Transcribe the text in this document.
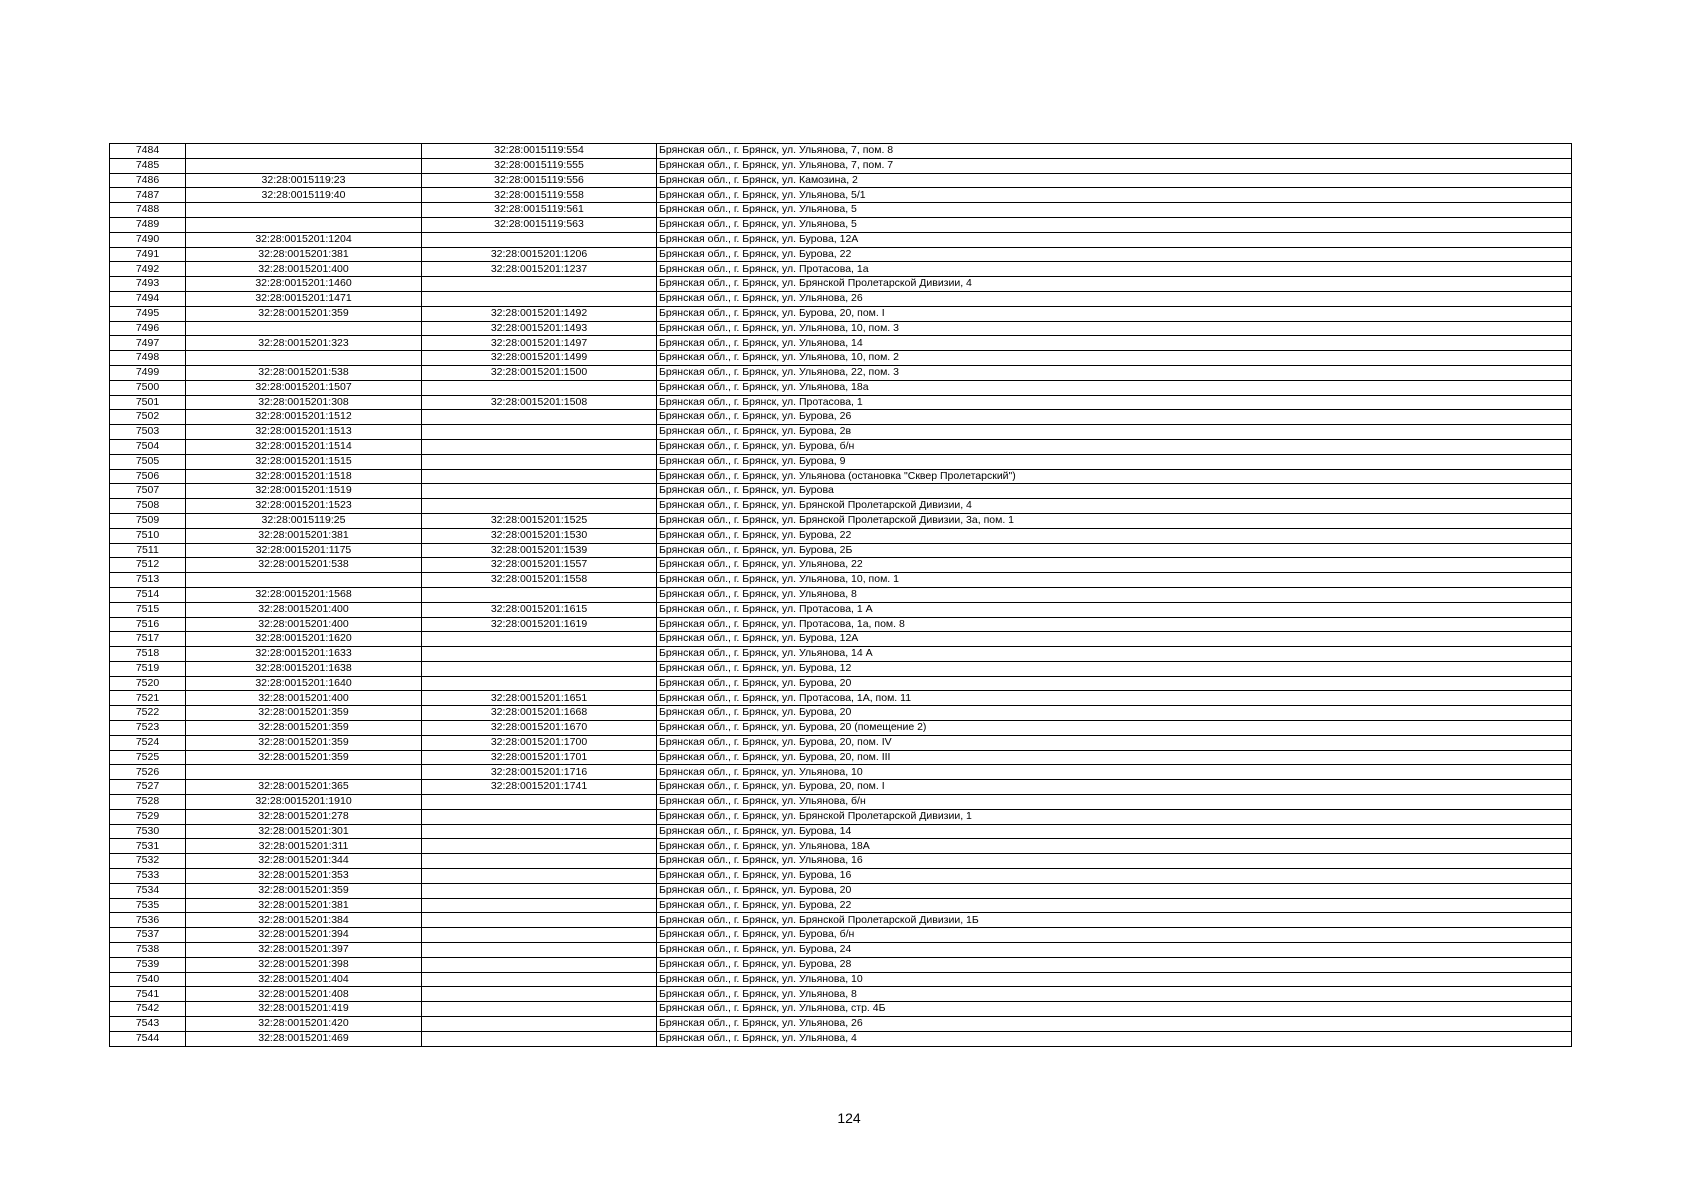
7484		32:28:0015119:554	Брянская обл., г. Брянск, ул. Ульянова, 7, пом. 8
7485		32:28:0015119:555	Брянская обл., г. Брянск, ул. Ульянова, 7, пом. 7
7486	32:28:0015119:23	32:28:0015119:556	Брянская обл., г. Брянск, ул. Камозина, 2
7487	32:28:0015119:40	32:28:0015119:558	Брянская обл., г. Брянск, ул. Ульянова, 5/1
7488		32:28:0015119:561	Брянская обл., г. Брянск, ул. Ульянова, 5
7489		32:28:0015119:563	Брянская обл., г. Брянск, ул. Ульянова, 5
7490	32:28:0015201:1204		Брянская обл., г. Брянск, ул. Бурова, 12А
7491	32:28:0015201:381	32:28:0015201:1206	Брянская обл., г. Брянск, ул. Бурова, 22
7492	32:28:0015201:400	32:28:0015201:1237	Брянская обл., г. Брянск, ул. Протасова, 1а
7493	32:28:0015201:1460		Брянская обл., г. Брянск, ул. Брянской Пролетарской Дивизии, 4
7494	32:28:0015201:1471		Брянская обл., г. Брянск, ул. Ульянова, 26
7495	32:28:0015201:359	32:28:0015201:1492	Брянская обл., г. Брянск, ул. Бурова, 20, пом. I
7496		32:28:0015201:1493	Брянская обл., г. Брянск, ул. Ульянова, 10, пом. 3
7497	32:28:0015201:323	32:28:0015201:1497	Брянская обл., г. Брянск, ул. Ульянова, 14
7498		32:28:0015201:1499	Брянская обл., г. Брянск, ул. Ульянова, 10, пом. 2
7499	32:28:0015201:538	32:28:0015201:1500	Брянская обл., г. Брянск, ул. Ульянова, 22, пом. 3
7500	32:28:0015201:1507		Брянская обл., г. Брянск, ул. Ульянова, 18а
7501	32:28:0015201:308	32:28:0015201:1508	Брянская обл., г. Брянск, ул. Протасова, 1
7502	32:28:0015201:1512		Брянская обл., г. Брянск, ул. Бурова, 26
7503	32:28:0015201:1513		Брянская обл., г. Брянск, ул. Бурова, 2в
7504	32:28:0015201:1514		Брянская обл., г. Брянск, ул. Бурова, б/н
7505	32:28:0015201:1515		Брянская обл., г. Брянск, ул. Бурова, 9
7506	32:28:0015201:1518		Брянская обл., г. Брянск, ул. Ульянова (остановка "Сквер Пролетарский")
7507	32:28:0015201:1519		Брянская обл., г. Брянск, ул. Бурова
7508	32:28:0015201:1523		Брянская обл., г. Брянск, ул. Брянской Пролетарской Дивизии, 4
7509	32:28:0015119:25	32:28:0015201:1525	Брянская обл., г. Брянск, ул. Брянской Пролетарской Дивизии, 3а, пом. 1
7510	32:28:0015201:381	32:28:0015201:1530	Брянская обл., г. Брянск, ул. Бурова, 22
7511	32:28:0015201:1175	32:28:0015201:1539	Брянская обл., г. Брянск, ул. Бурова, 2Б
7512	32:28:0015201:538	32:28:0015201:1557	Брянская обл., г. Брянск, ул. Ульянова, 22
7513		32:28:0015201:1558	Брянская обл., г. Брянск, ул. Ульянова, 10, пом. 1
7514	32:28:0015201:1568		Брянская обл., г. Брянск, ул. Ульянова, 8
7515	32:28:0015201:400	32:28:0015201:1615	Брянская обл., г. Брянск, ул. Протасова, 1 А
7516	32:28:0015201:400	32:28:0015201:1619	Брянская обл., г. Брянск, ул. Протасова, 1а, пом. 8
7517	32:28:0015201:1620		Брянская обл., г. Брянск, ул. Бурова, 12А
7518	32:28:0015201:1633		Брянская обл., г. Брянск, ул. Ульянова, 14 А
7519	32:28:0015201:1638		Брянская обл., г. Брянск, ул. Бурова, 12
7520	32:28:0015201:1640		Брянская обл., г. Брянск, ул. Бурова, 20
7521	32:28:0015201:400	32:28:0015201:1651	Брянская обл., г. Брянск, ул. Протасова, 1А, пом. 11
7522	32:28:0015201:359	32:28:0015201:1668	Брянская обл., г. Брянск, ул. Бурова, 20
7523	32:28:0015201:359	32:28:0015201:1670	Брянская обл., г. Брянск, ул. Бурова, 20 (помещение 2)
7524	32:28:0015201:359	32:28:0015201:1700	Брянская обл., г. Брянск, ул. Бурова, 20, пом. IV
7525	32:28:0015201:359	32:28:0015201:1701	Брянская обл., г. Брянск, ул. Бурова, 20, пом. III
7526		32:28:0015201:1716	Брянская обл., г. Брянск, ул. Ульянова, 10
7527	32:28:0015201:365	32:28:0015201:1741	Брянская обл., г. Брянск, ул. Бурова, 20, пом. I
7528	32:28:0015201:1910		Брянская обл., г. Брянск, ул. Ульянова, б/н
7529	32:28:0015201:278		Брянская обл., г. Брянск, ул. Брянской Пролетарской Дивизии, 1
7530	32:28:0015201:301		Брянская обл., г. Брянск, ул. Бурова, 14
7531	32:28:0015201:311		Брянская обл., г. Брянск, ул. Ульянова, 18А
7532	32:28:0015201:344		Брянская обл., г. Брянск, ул. Ульянова, 16
7533	32:28:0015201:353		Брянская обл., г. Брянск, ул. Бурова, 16
7534	32:28:0015201:359		Брянская обл., г. Брянск, ул. Бурова, 20
7535	32:28:0015201:381		Брянская обл., г. Брянск, ул. Бурова, 22
7536	32:28:0015201:384		Брянская обл., г. Брянск, ул. Брянской Пролетарской Дивизии, 1Б
7537	32:28:0015201:394		Брянская обл., г. Брянск, ул. Бурова, б/н
7538	32:28:0015201:397		Брянская обл., г. Брянск, ул. Бурова, 24
7539	32:28:0015201:398		Брянская обл., г. Брянск, ул. Бурова, 28
7540	32:28:0015201:404		Брянская обл., г. Брянск, ул. Ульянова, 10
7541	32:28:0015201:408		Брянская обл., г. Брянск, ул. Ульянова, 8
7542	32:28:0015201:419		Брянская обл., г. Брянск, ул. Ульянова, стр. 4Б
7543	32:28:0015201:420		Брянская обл., г. Брянск, ул. Ульянова, 26
7544	32:28:0015201:469		Брянская обл., г. Брянск, ул. Ульянова, 4
124
